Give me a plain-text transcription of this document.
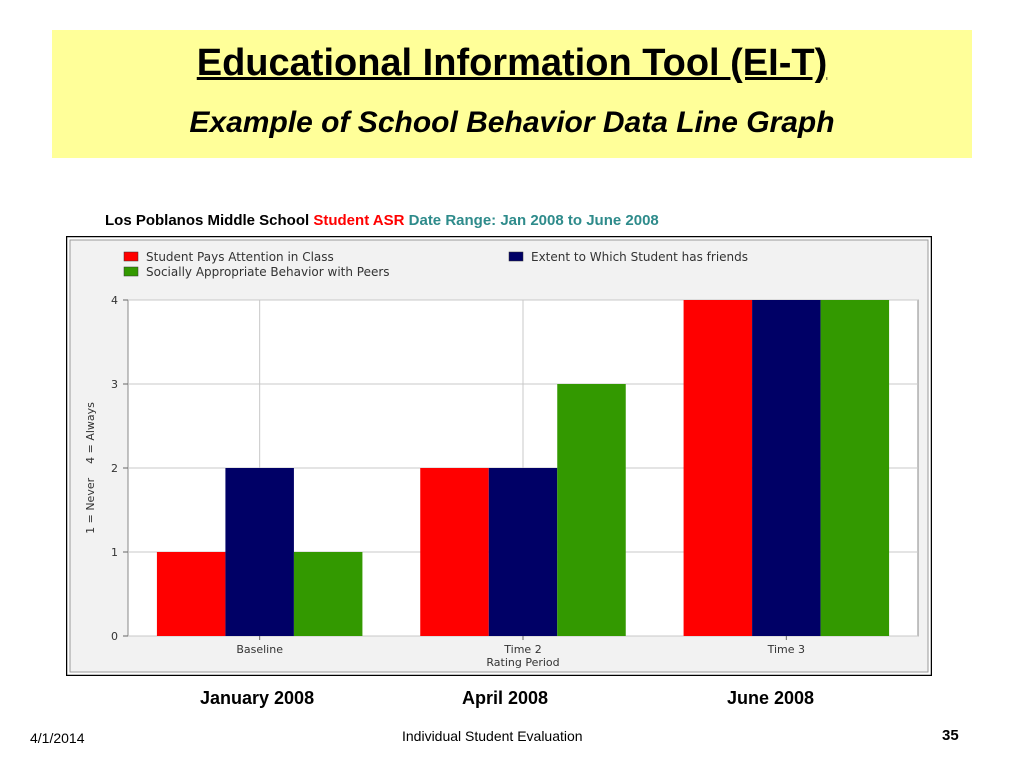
Educational Information Tool (EI-T)
Example of School Behavior Data Line Graph
Los Poblanos Middle School Student ASR Date Range: Jan 2008 to June 2008
0
1
2
3
4
Baseline	Time 2	Time 3
Rating Period
1 = Never    4 = Always
Student Pays Attention in Class	Extent to Which Student has friends
Socially Appropriate Behavior with Peers
January 2008	April 2008	June 2008
4/1/2014	Individual Student Evaluation	35
